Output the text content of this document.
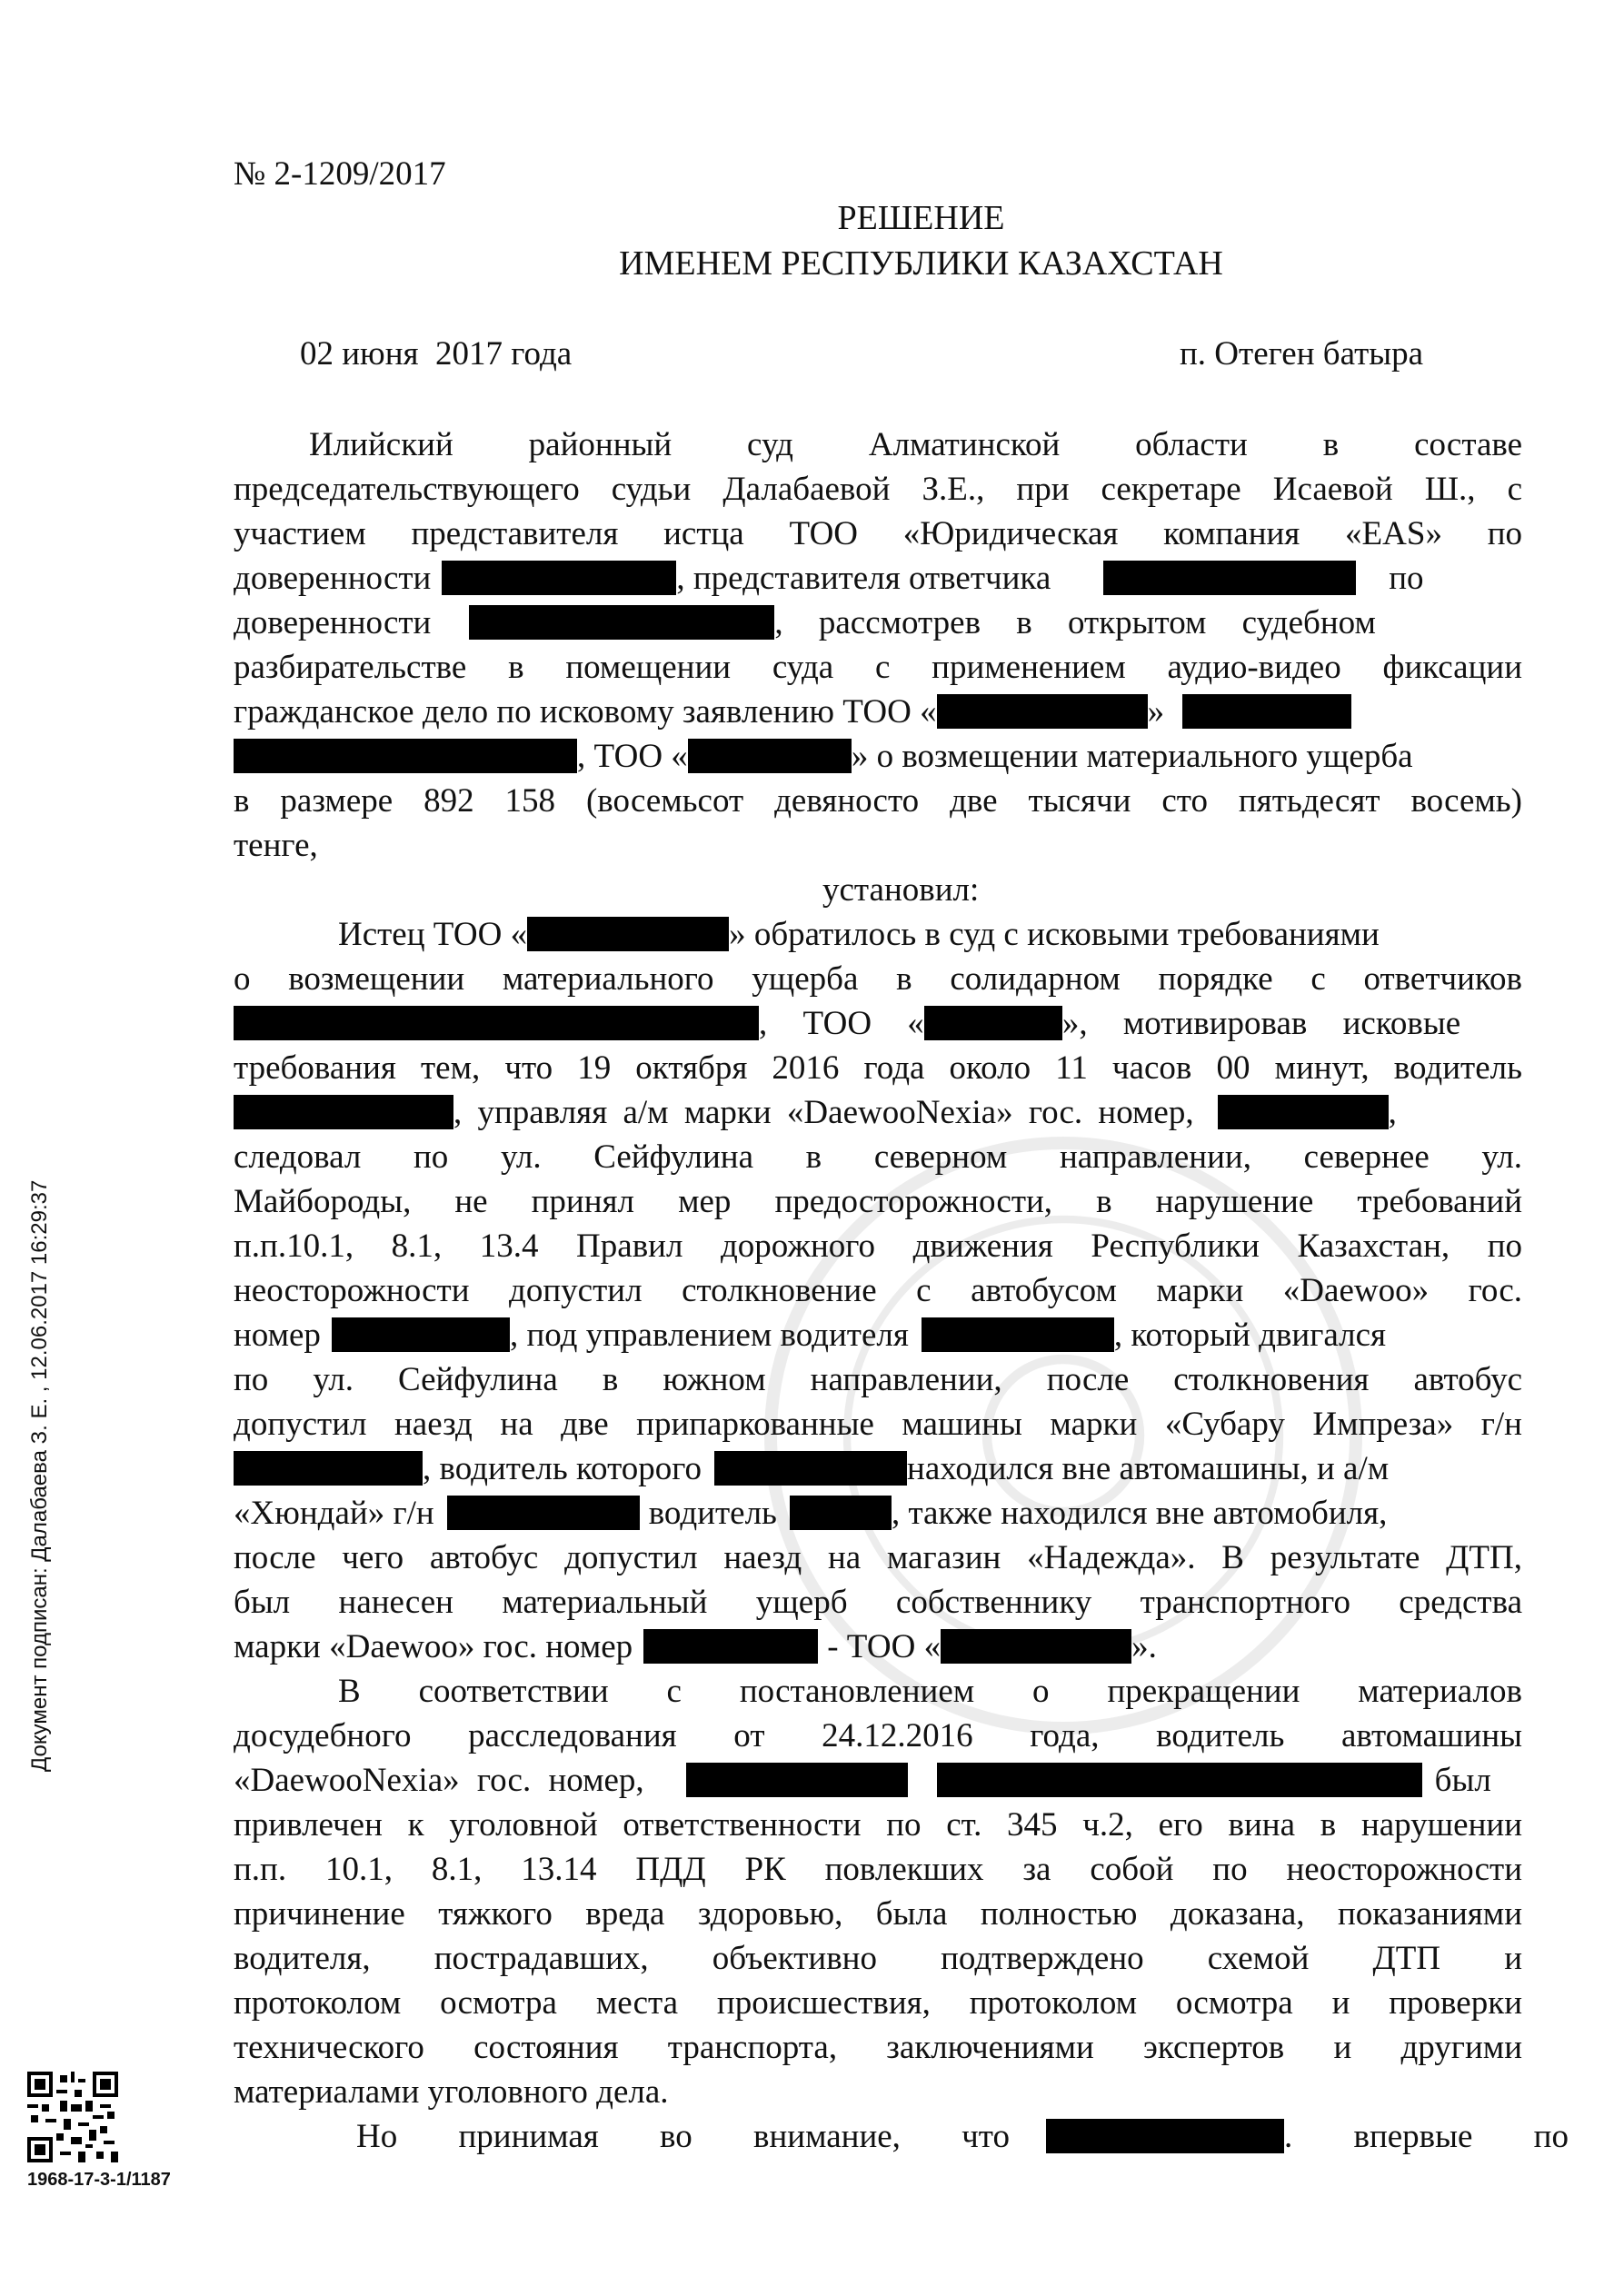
№ 2-1209/2017
РЕШЕНИЕ
ИМЕНЕМ РЕСПУБЛИКИ КАЗАХСТАН
02 июня  2017 года	п. Отеген батыра
Илийский районный суд Алматинской области в составе
председательствующего судьи Далабаевой З.Е., при секретаре Исаевой Ш., с
участием представителя истца ТОО «Юридическая компания «EAS» по
доверенности	, представителя ответчика	по
доверенности	, рассмотрев в открытом судебном
разбирательстве в помещении суда с применением аудио-видео фиксации
гражданское дело по исковому заявлению ТОО «	»
, ТОО «	» о возмещении материального ущерба
в размере 892 158 (восемьсот девяносто две тысячи сто пятьдесят восемь)
тенге,
установил:
Истец ТОО «	» обратилось в суд с исковыми требованиями
о возмещении материального ущерба в солидарном порядке с ответчиков
, ТОО «	», мотивировав исковые
требования тем, что 19 октября 2016 года около 11 часов 00 минут, водитель
, управляя а/м марки «DaewooNexia» гос. номер,	,
следовал по ул. Сейфулина в северном направлении, севернее ул.
Майбороды, не принял мер предосторожности, в нарушение требований
п.п.10.1, 8.1, 13.4 Правил дорожного движения Республики Казахстан, по
неосторожности допустил столкновение с автобусом марки «Daewoo» гос.
номер	, под управлением водителя	, который двигался
по ул. Сейфулина в южном направлении, после столкновения автобус
допустил наезд на две припаркованные машины марки «Субару Импреза» г/н
, водитель которого	находился вне автомашины, и а/м
«Хюндай» г/н	водитель	, также находился вне автомобиля,
после чего автобус допустил наезд на магазин «Надежда». В результате ДТП,
был нанесен материальный ущерб собственнику транспортного средства
марки «Daewoo» гос. номер	- ТОО «	».
В соответствии с постановлением о прекращении материалов
досудебного расследования от 24.12.2016 года, водитель автомашины
«DaewooNexia» гос. номер,	был
привлечен к уголовной ответственности по ст. 345 ч.2, его вина в нарушении
п.п. 10.1, 8.1, 13.14 ПДД РК повлекших за собой по неосторожности
причинение тяжкого вреда здоровью, была полностью доказана, показаниями
водителя, пострадавших, объективно подтверждено схемой ДТП и
протоколом осмотра места происшествия, протоколом осмотра и проверки
технического состояния транспорта, заключениями экспертов и другими
материалами уголовного дела.
Но принимая во внимание, что	. впервые по
Документ подписан: Далабаева З. Е. , 12.06.2017 16:29:37
1968-17-3-1/1187
